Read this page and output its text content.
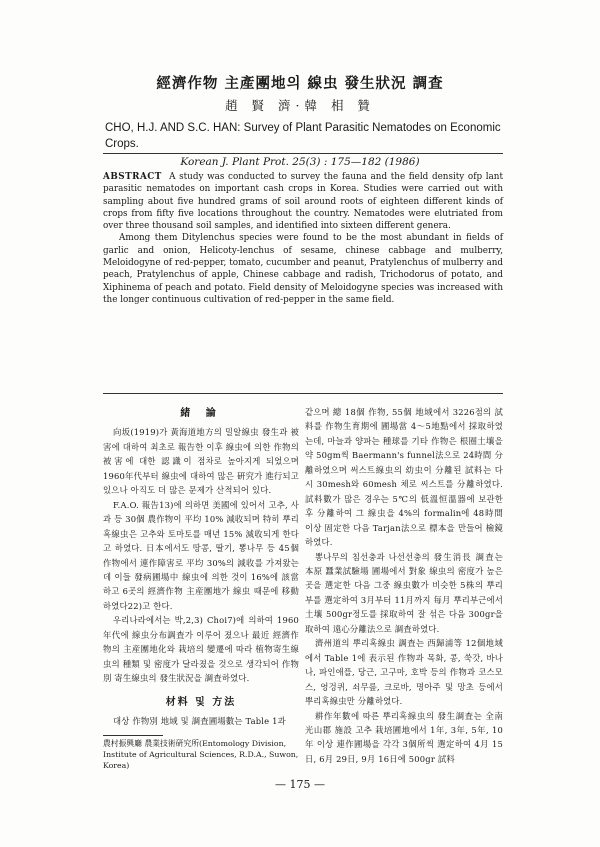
經濟作物 主產團地의 線虫 發生狀況 調査
趙 賢 濟·韓 相 贊
CHO, H.J. AND S.C. HAN: Survey of Plant Parasitic Nematodes on Economic Crops.
Korean J. Plant Prot. 25(3) : 175—182 (1986)

ABSTRACT A study was conducted to survey the fauna and the field density ofp lant parasitic nematodes on important cash crops in Korea. Studies were carried out with sampling about five hundred grams of soil around roots of eighteen different kinds of crops from fifty five locations throughout the country. Nematodes were elutriated from over three thousand soil samples, and identified into sixteen different genera.

Among them Ditylenchus species were found to be the most abundant in fields of garlic and onion, Helicoty-lenchus of sesame, chinese cabbage and mulberry, Meloidogyne of red-pepper, tomato, cucumber and peanut, Pratylenchus of mulberry and peach, Pratylenchus of apple, Chinese cabbage and radish, Trichodorus of potato, and Xiphinema of peach and potato. Field density of Meloidogyne species was increased with the longer continuous cultivation of red-pepper in the same field.

緒 論

向坂(1919)가 黃海道地方의 밀알線虫 發生과 被害에 대하여 최초로 報告한 이후 線虫에 의한 作物의 被害에 대한 認識이 점차로 높아지게 되었으며 1960年代부터 線虫에 대하여 많은 硏究가 進行되고 있으나 아직도 더 많은 문제가 산적되어 있다.

F.A.O. 報告13)에 의하면 美國에 있어서 고추, 사과 등 30個 農作物이 平均 10% 減收되며 特히 뿌리혹線虫은 고추와 토마토를 매년 15% 減收되게 한다고 하였다. 日本에서도 땅콩, 딸기, 뽕나무 등 45個 作物에서 連作障害로 平均 30%의 減收를 가져왔는데 이들 發病圃場中 線虫에 의한 것이 16%에 該當하고 6곳의 經濟作物 主産團地가 線虫 때문에 移動하였다22)고 한다.

우리나라에서는 박,2,3) Choi7)에 의하여 1960年代에 線虫分布調査가 이루어 졌으나 最近 經濟作物의 主産團地化와 栽培의 變遷에 따라 植物寄生線虫의 種類 및 密度가 달라졌을 것으로 생각되어 作物別 寄生線虫의 發生狀況을 調査하였다.

材料 및 方法

대상 作物別 地域 및 調査圃場數는 Table 1과

같으며 總 18個 作物, 55個 地域에서 3226점의 試料를 作物生育期에 圃場當 4～5地點에서 採取하였는데, 마늘과 양파는 種球를 기타 作物은 根圈土壤을 약 50gm씩 Baermann's funnel法으로 24時間 分離하였으며 써스트線虫의 幼虫이 分離된 試料는 다시 30mesh와 60mesh 체로 씨스트를 分離하였다. 試料數가 많은 경우는 5℃의 低溫恒溫器에 보관한 후 分離하여 그 線虫을 4%의 formalin에 48時間 이상 固定한 다음 Tarjan法으로 標本을 만들어 檢鏡하였다.

뽕나무의 침선충과 나선선충의 發生消長 調査는 本原 蠶業試驗場 圃場에서 對象 線虫의 密度가 높은 곳을 選定한 다음 그중 線虫數가 비슷한 5株의 뿌리부를 選定하여 3月부터 11月까지 每月 뿌리부근에서 土壤 500gr정도를 採取하여 잘 섞은 다음 300gr을 取하여 遠心分離法으로 調査하였다.

濟州道의 뿌리혹線虫 調査는 西歸浦等 12個地域에서 Table 1에 表示된 作物과 목화, 콩, 쑥갓, 바나나, 파인애플, 당근, 고구마, 호박 등의 作物과 코스모스, 엉겅퀴, 쇠무릎, 크로바, 명아주 및 망초 등에서 뿌리혹線虫만 分離하였다.

耕作年數에 따른 뿌리혹線虫의 發生調査는 全南 光山郡 施設 고추 栽培圃地에서 1年, 3年, 5年, 10年 이상 連作圃場을 각각 3個所씩 選定하여 4月 15日, 6月 29日, 9月 16日에 500gr 試料

農村振興廳 農業技術硏究所(Entomology Division, Institute of Agricultural Sciences, R.D.A., Suwon, Korea)
— 175 —
